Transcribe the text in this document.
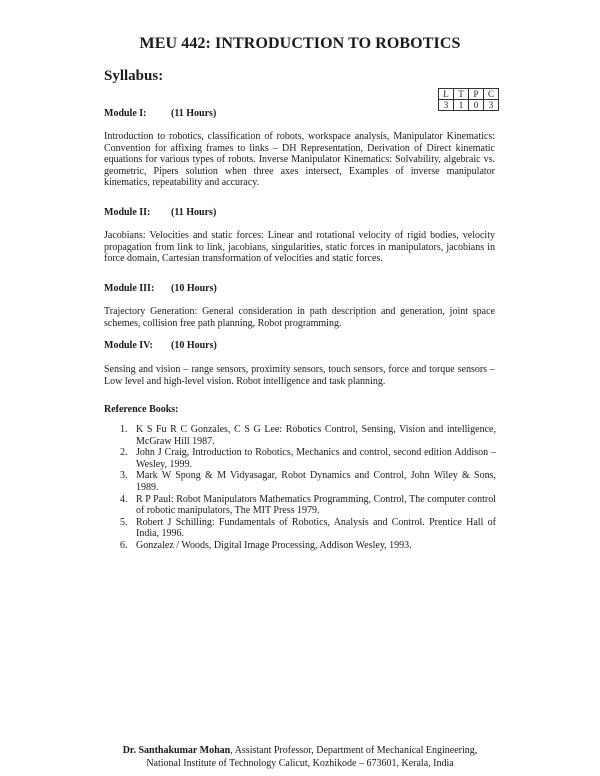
MEU 442: INTRODUCTION TO ROBOTICS
Syllabus:
L	T	P	C
3	1	0	3
Module I: (11 Hours)
Introduction to robotics, classification of robots, workspace analysis, Manipulator Kinematics: Convention for affixing frames to links – DH Representation, Derivation of Direct kinematic equations for various types of robots. Inverse Manipulator Kinematics: Solvability, algebraic vs. geometric, Pipers solution when three axes intersect, Examples of inverse manipulator kinematics, repeatability and accuracy.
Module II: (11 Hours)
Jacobians: Velocities and static forces: Linear and rotational velocity of rigid bodies, velocity propagation from link to link, jacobians, singularities, static forces in manipulators, jacobians in force domain, Cartesian transformation of velocities and static forces.
Module III: (10 Hours)
Trajectory Generation: General consideration in path description and generation, joint space schemes, collision free path planning, Robot programming.
Module IV: (10 Hours)
Sensing and vision – range sensors, proximity sensors, touch sensors, force and torque sensors – Low level and high-level vision. Robot intelligence and task planning.
Reference Books:
1. K S Fu R C Gonzales, C S G Lee: Robotics Control, Sensing, Vision and intelligence, McGraw Hill 1987.
2. John J Craig, Introduction to Robotics, Mechanics and control, second edition Addison – Wesley, 1999.
3. Mark W Spong & M Vidyasagar, Robot Dynamics and Control, John Wiley & Sons, 1989.
4. R P Paul: Robot Manipulators Mathematics Programming, Control, The computer control of robotic manipulators, The MIT Press 1979.
5. Robert J Schilling: Fundamentals of Robotics, Analysis and Control. Prentice Hall of India, 1996.
6. Gonzalez / Woods, Digital Image Processing, Addison Wesley, 1993.
Dr. Santhakumar Mohan, Assistant Professor, Department of Mechanical Engineering,
National Institute of Technology Calicut, Kozhikode – 673601, Kerala, India
